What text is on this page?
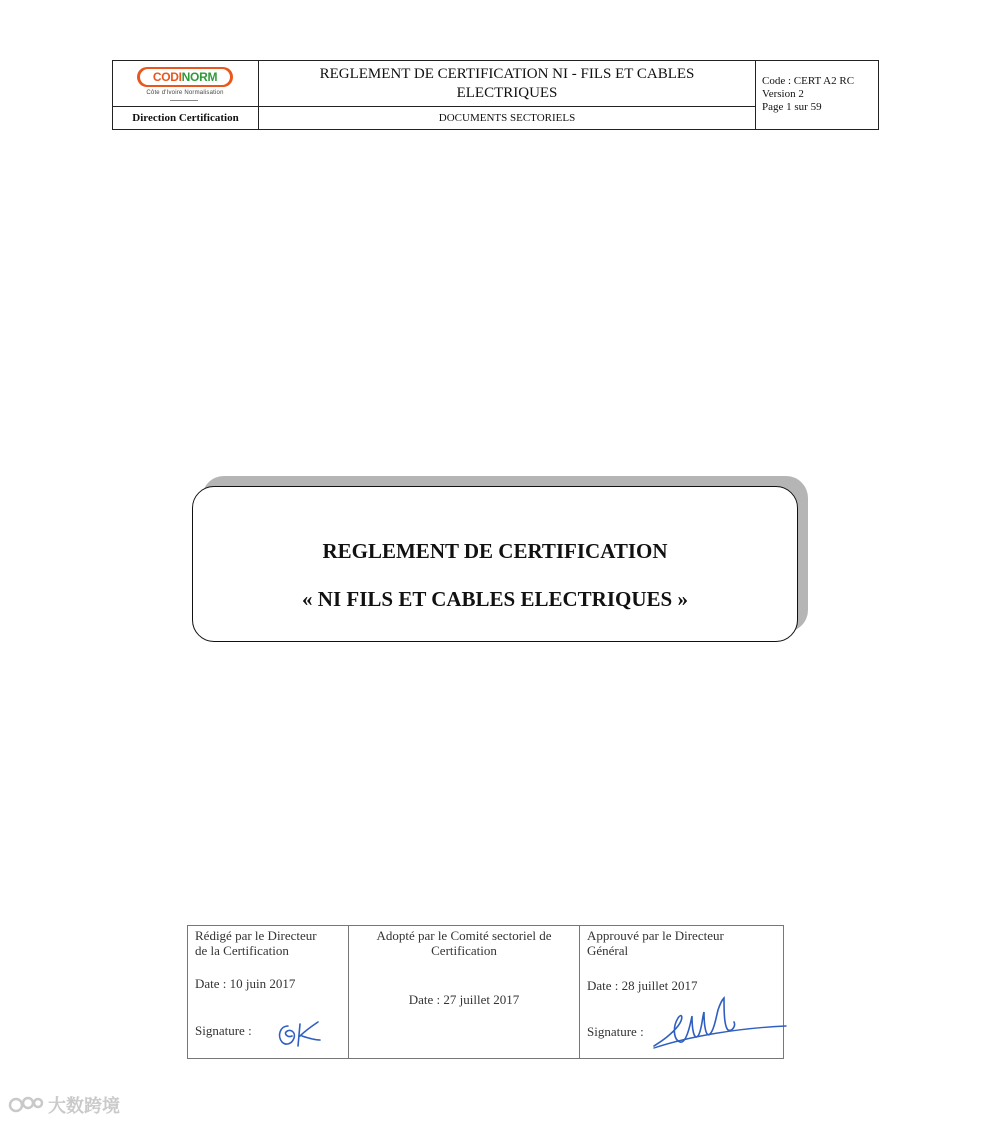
CODI NORM
Côte d'Ivoire Normalisation
Direction Certification
REGLEMENT DE CERTIFICATION NI - FILS ET CABLES ELECTRIQUES
DOCUMENTS SECTORIELS
Code : CERT A2 RC
Version 2
Page 1 sur 59
REGLEMENT DE CERTIFICATION
« NI FILS ET CABLES ELECTRIQUES »
Rédigé par le Directeur
de la Certification
Date : 10 juin 2017
Signature :
Adopté par le Comité sectoriel de
Certification
Date : 27 juillet 2017
Approuvé par le Directeur
Général
Date : 28 juillet 2017
Signature :
大数跨境
